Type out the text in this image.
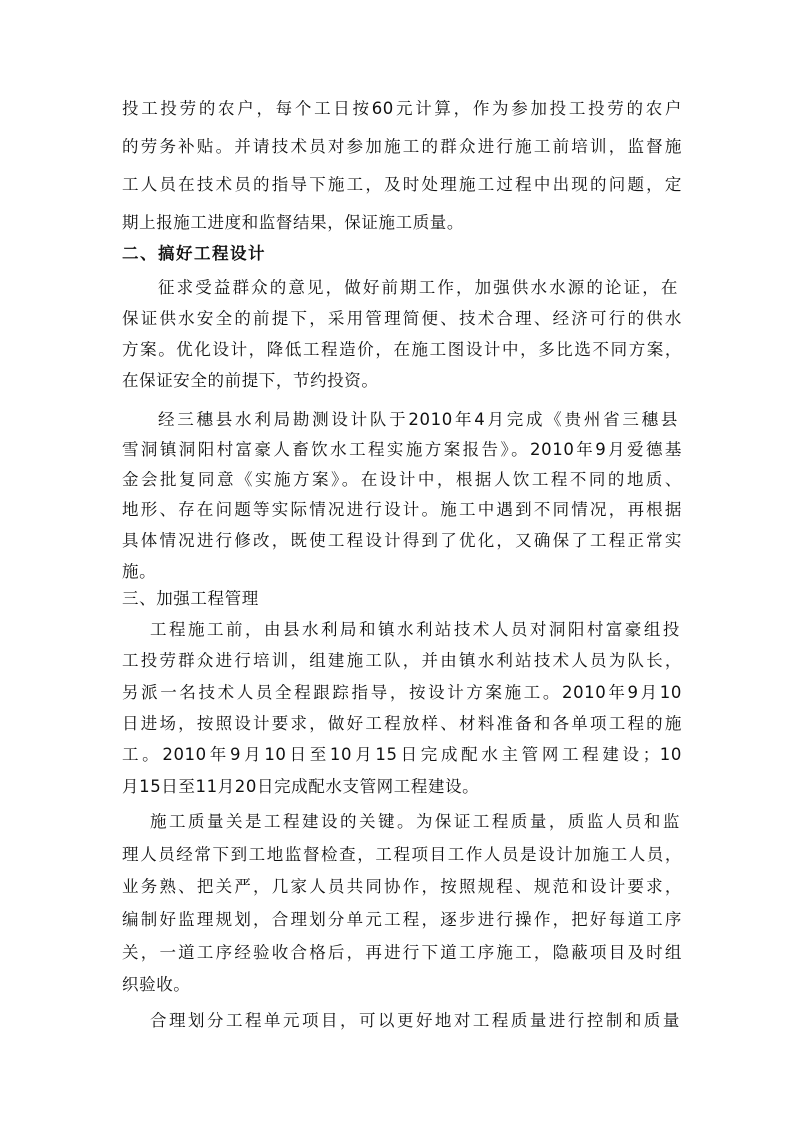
投工投劳的农户，每个工日按60元计算，作为参加投工投劳的农户
的劳务补贴。并请技术员对参加施工的群众进行施工前培训，监督施
工人员在技术员的指导下施工，及时处理施工过程中出现的问题，定
期上报施工进度和监督结果，保证施工质量。
二、搞好工程设计
征求受益群众的意见，做好前期工作，加强供水水源的论证，在
保证供水安全的前提下，采用管理简便、技术合理、经济可行的供水
方案。优化设计，降低工程造价，在施工图设计中，多比选不同方案，
在保证安全的前提下，节约投资。
经三穗县水利局勘测设计队于2010年4月完成《贵州省三穗县
雪洞镇洞阳村富豪人畜饮水工程实施方案报告》。2010年9月爱德基
金会批复同意《实施方案》。在设计中，根据人饮工程不同的地质、
地形、存在问题等实际情况进行设计。施工中遇到不同情况，再根据
具体情况进行修改，既使工程设计得到了优化，又确保了工程正常实
施。
三、加强工程管理
工程施工前，由县水利局和镇水利站技术人员对洞阳村富豪组投
工投劳群众进行培训，组建施工队，并由镇水利站技术人员为队长，
另派一名技术人员全程跟踪指导，按设计方案施工。2010年9月10
日进场，按照设计要求，做好工程放样、材料准备和各单项工程的施
工。2010年9月10日至10月15日完成配水主管网工程建设；10
月15日至11月20日完成配水支管网工程建设。
施工质量关是工程建设的关键。为保证工程质量，质监人员和监
理人员经常下到工地监督检查，工程项目工作人员是设计加施工人员，
业务熟、把关严，几家人员共同协作，按照规程、规范和设计要求，
编制好监理规划，合理划分单元工程，逐步进行操作，把好每道工序
关，一道工序经验收合格后，再进行下道工序施工，隐蔽项目及时组
织验收。
合理划分工程单元项目，可以更好地对工程质量进行控制和质量
